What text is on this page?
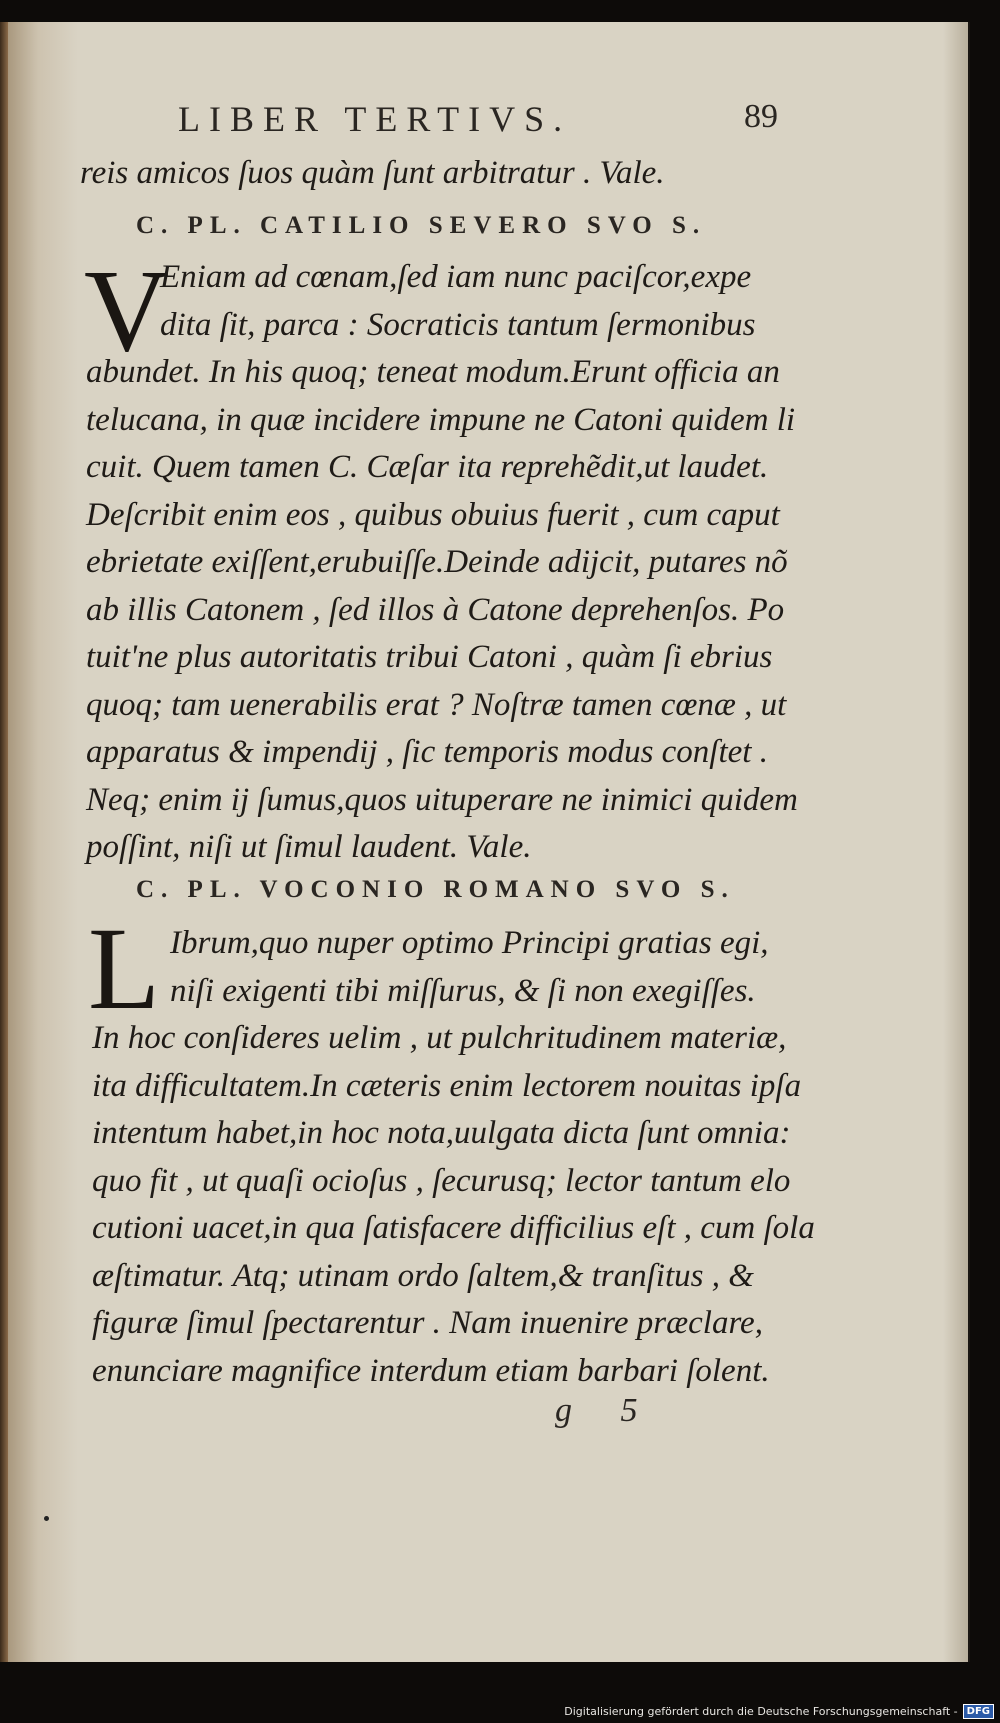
LIBER TERTIVS.	89
reis amicos ſuos quàm ſunt arbitratur . Vale.
C. PL. CATILIO SEVERO SVO S.
V
Eniam ad cœnam,ſed iam nunc paciſcor,expe
dita ſit, parca : Socraticis tantum ſermonibus
abundet. In his quoq; teneat modum.Erunt officia an
telucana, in quæ incidere impune ne Catoni quidem li
cuit. Quem tamen C. Cæſar ita reprehẽdit,ut laudet.
Deſcribit enim eos , quibus obuius fuerit , cum caput
ebrietate exiſſent,erubuiſſe.Deinde adijcit, putares nõ
ab illis Catonem , ſed illos à Catone deprehenſos. Po
tuit'ne plus autoritatis tribui Catoni , quàm ſi ebrius
quoq; tam uenerabilis erat ? Noſtræ tamen cœnæ , ut
apparatus & impendij , ſic temporis modus conſtet .
Neq; enim ij ſumus,quos uituperare ne inimici quidem
poſſint, niſi ut ſimul laudent. Vale.
C. PL. VOCONIO ROMANO SVO S.
L Ibrum,quo nuper optimo Principi gratias egi,
niſi exigenti tibi miſſurus, & ſi non exegiſſes.
In hoc conſideres uelim , ut pulchritudinem materiæ,
ita difficultatem.In cæteris enim lectorem nouitas ipſa
intentum habet,in hoc nota,uulgata dicta ſunt omnia:
quo fit , ut quaſi ocioſus , ſecurusq; lector tantum elo
cutioni uacet,in qua ſatisfacere difficilius eſt , cum ſola
æſtimatur. Atq; utinam ordo ſaltem,& tranſitus , &
figuræ ſimul ſpectarentur . Nam inuenire præclare,
enunciare magnifice interdum etiam barbari ſolent.
g 5
Digitalisierung gefördert durch die Deutsche Forschungsgemeinschaft - DFG
